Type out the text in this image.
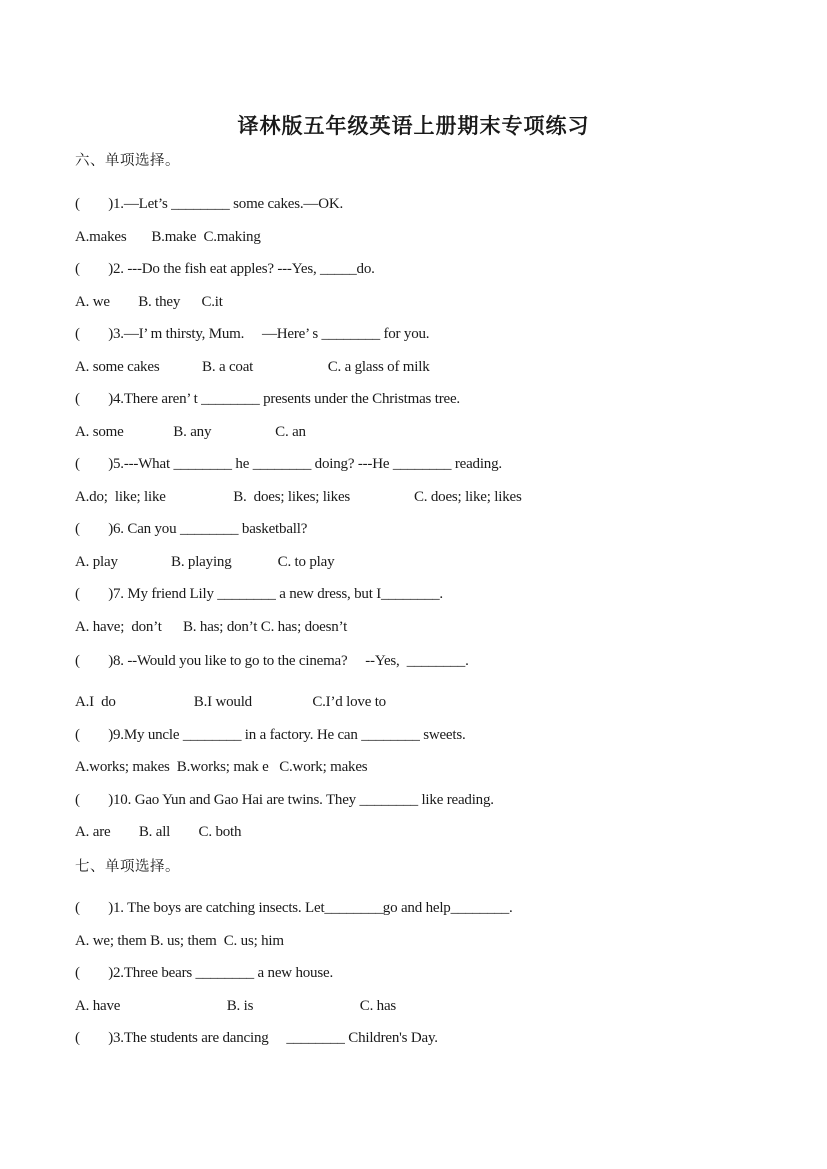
译林版五年级英语上册期末专项练习
六、单项选择。
(        )1.—Let’s ________ some cakes.—OK.
A.makes       B.make  C.making
(        )2. ---Do the fish eat apples? ---Yes, _____do.
A. we        B. they      C.it
(        )3.—I’ m thirsty, Mum.     —Here’ s ________ for you.
A. some cakes            B. a coat                     C. a glass of milk
(        )4.There aren’ t ________ presents under the Christmas tree.
A. some              B. any                  C. an
(        )5.---What ________ he ________ doing? ---He ________ reading.
A.do;  like; like                   B.  does; likes; likes                  C. does; like; likes
(        )6. Can you ________ basketball?
A. play               B. playing             C. to play
(        )7. My friend Lily ________ a new dress, but I________.
A. have;  don’t      B. has; don’t C. has; doesn’t
(        )8. --Would you like to go to the cinema?     --Yes,  ________.
A.I  do                      B.I would                 C.I’d love to
(        )9.My uncle ________ in a factory. He can ________ sweets.
A.works; makes  B.works; mak e   C.work; makes
(        )10. Gao Yun and Gao Hai are twins. They ________ like reading.
A. are        B. all        C. both
七、单项选择。
(        )1. The boys are catching insects. Let________go and help________.
A. we; them B. us; them  C. us; him
(        )2.Three bears ________ a new house.
A. have                              B. is                              C. has
(        )3.The students are dancing     ________ Children's Day.
